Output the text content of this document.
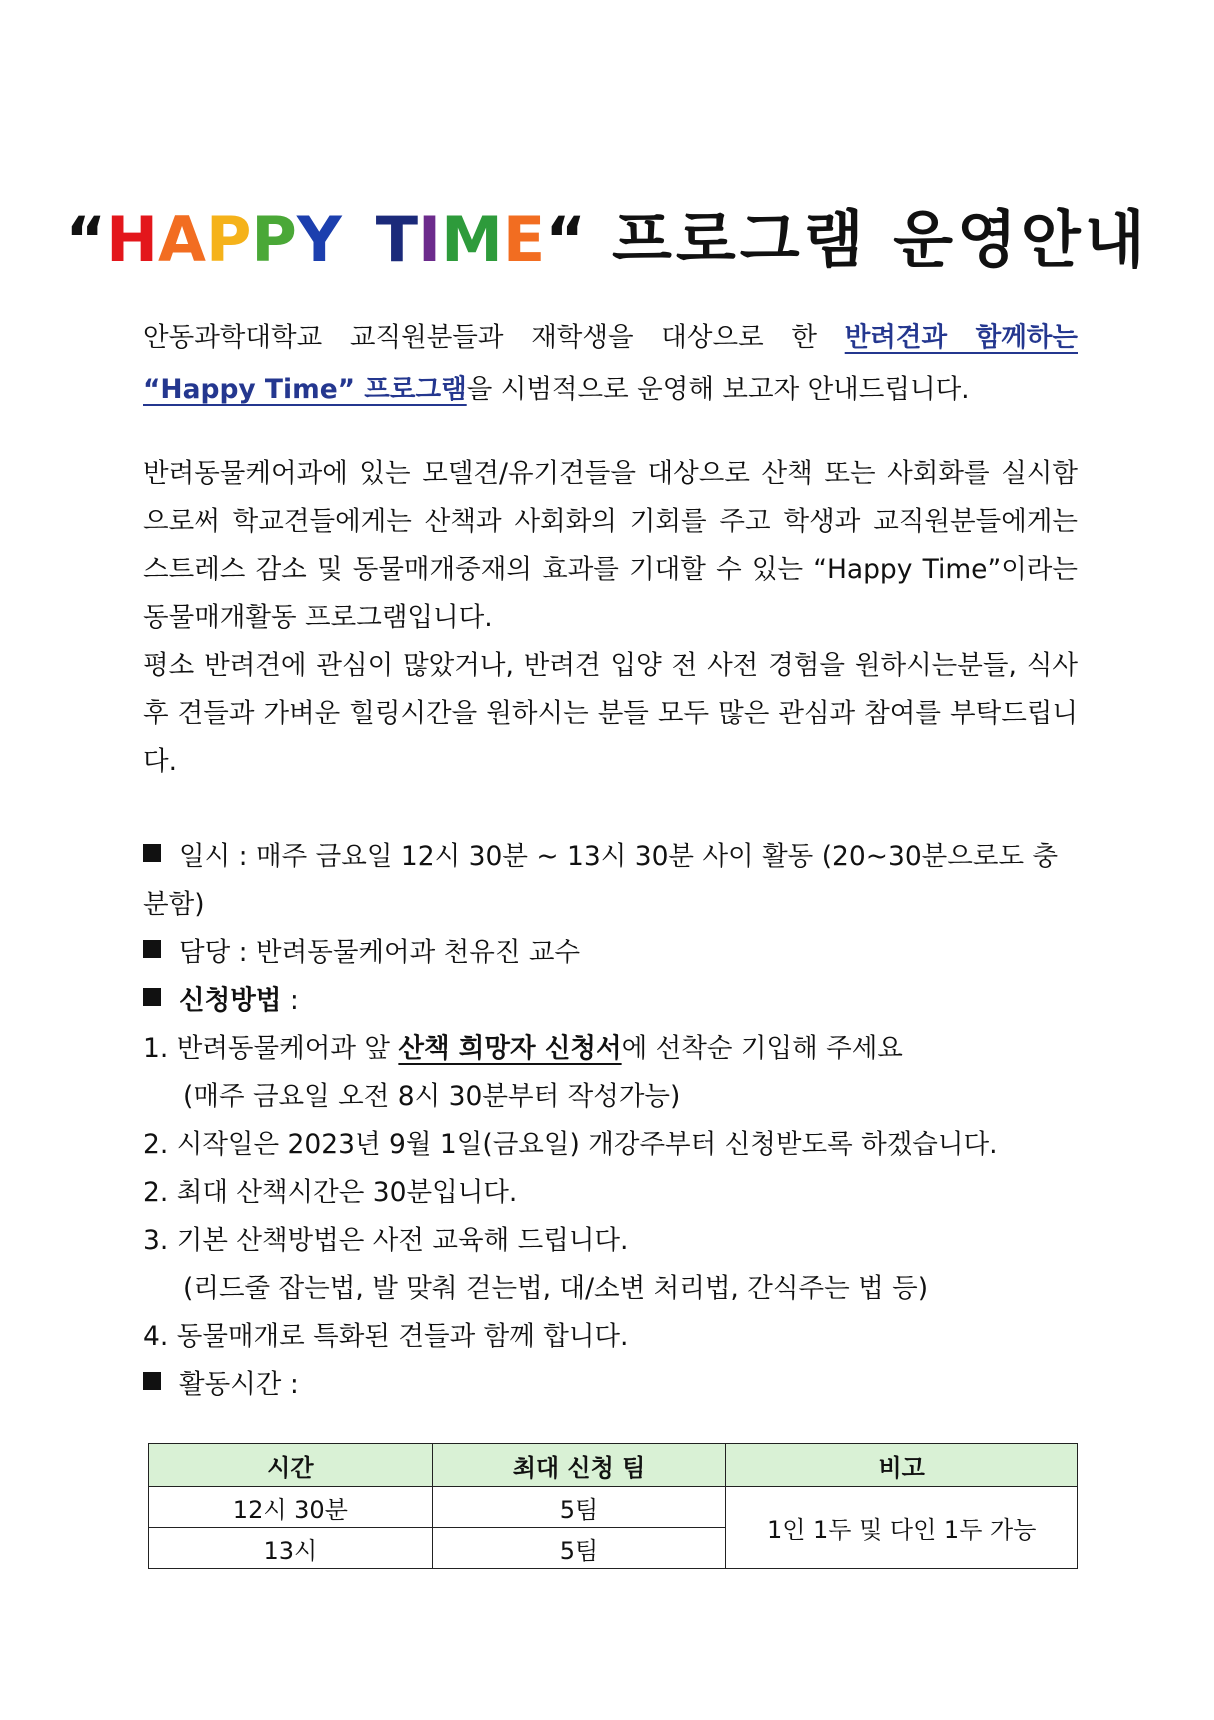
“HAPPY TIME“ 프로그램 운영안내
안동과학대학교 교직원분들과 재학생을 대상으로 한 반려견과 함께하는 “Happy Time” 프로그램을 시범적으로 운영해 보고자 안내드립니다.

반려동물케어과에 있는 모델견/유기견들을 대상으로 산책 또는 사회화를 실시함으로써 학교견들에게는 산책과 사회화의 기회를 주고 학생과 교직원분들에게는 스트레스 감소 및 동물매개중재의 효과를 기대할 수 있는 “Happy Time”이라는 동물매개활동 프로그램입니다.

평소 반려견에 관심이 많았거나, 반려견 입양 전 사전 경험을 원하시는분들, 식사 후 견들과 가벼운 힐링시간을 원하시는 분들 모두 많은 관심과 참여를 부탁드립니다.

일시 : 매주 금요일 12시 30분 ~ 13시 30분 사이 활동 (20~30분으로도 충분함)

담당 : 반려동물케어과 천유진 교수

신청방법 :

1. 반려동물케어과 앞 산책 희망자 신청서에 선착순 기입해 주세요

(매주 금요일 오전 8시 30분부터 작성가능)

2. 시작일은 2023년 9월 1일(금요일) 개강주부터 신청받도록 하겠습니다.

2. 최대 산책시간은 30분입니다.

3. 기본 산책방법은 사전 교육해 드립니다.

(리드줄 잡는법, 발 맞춰 걷는법, 대/소변 처리법, 간식주는 법 등)

4. 동물매개로 특화된 견들과 함께 합니다.

활동시간 :

시간	최대 신청 팀	비고
12시 30분	5팀	1인 1두 및 다인 1두 가능
13시	5팀	
